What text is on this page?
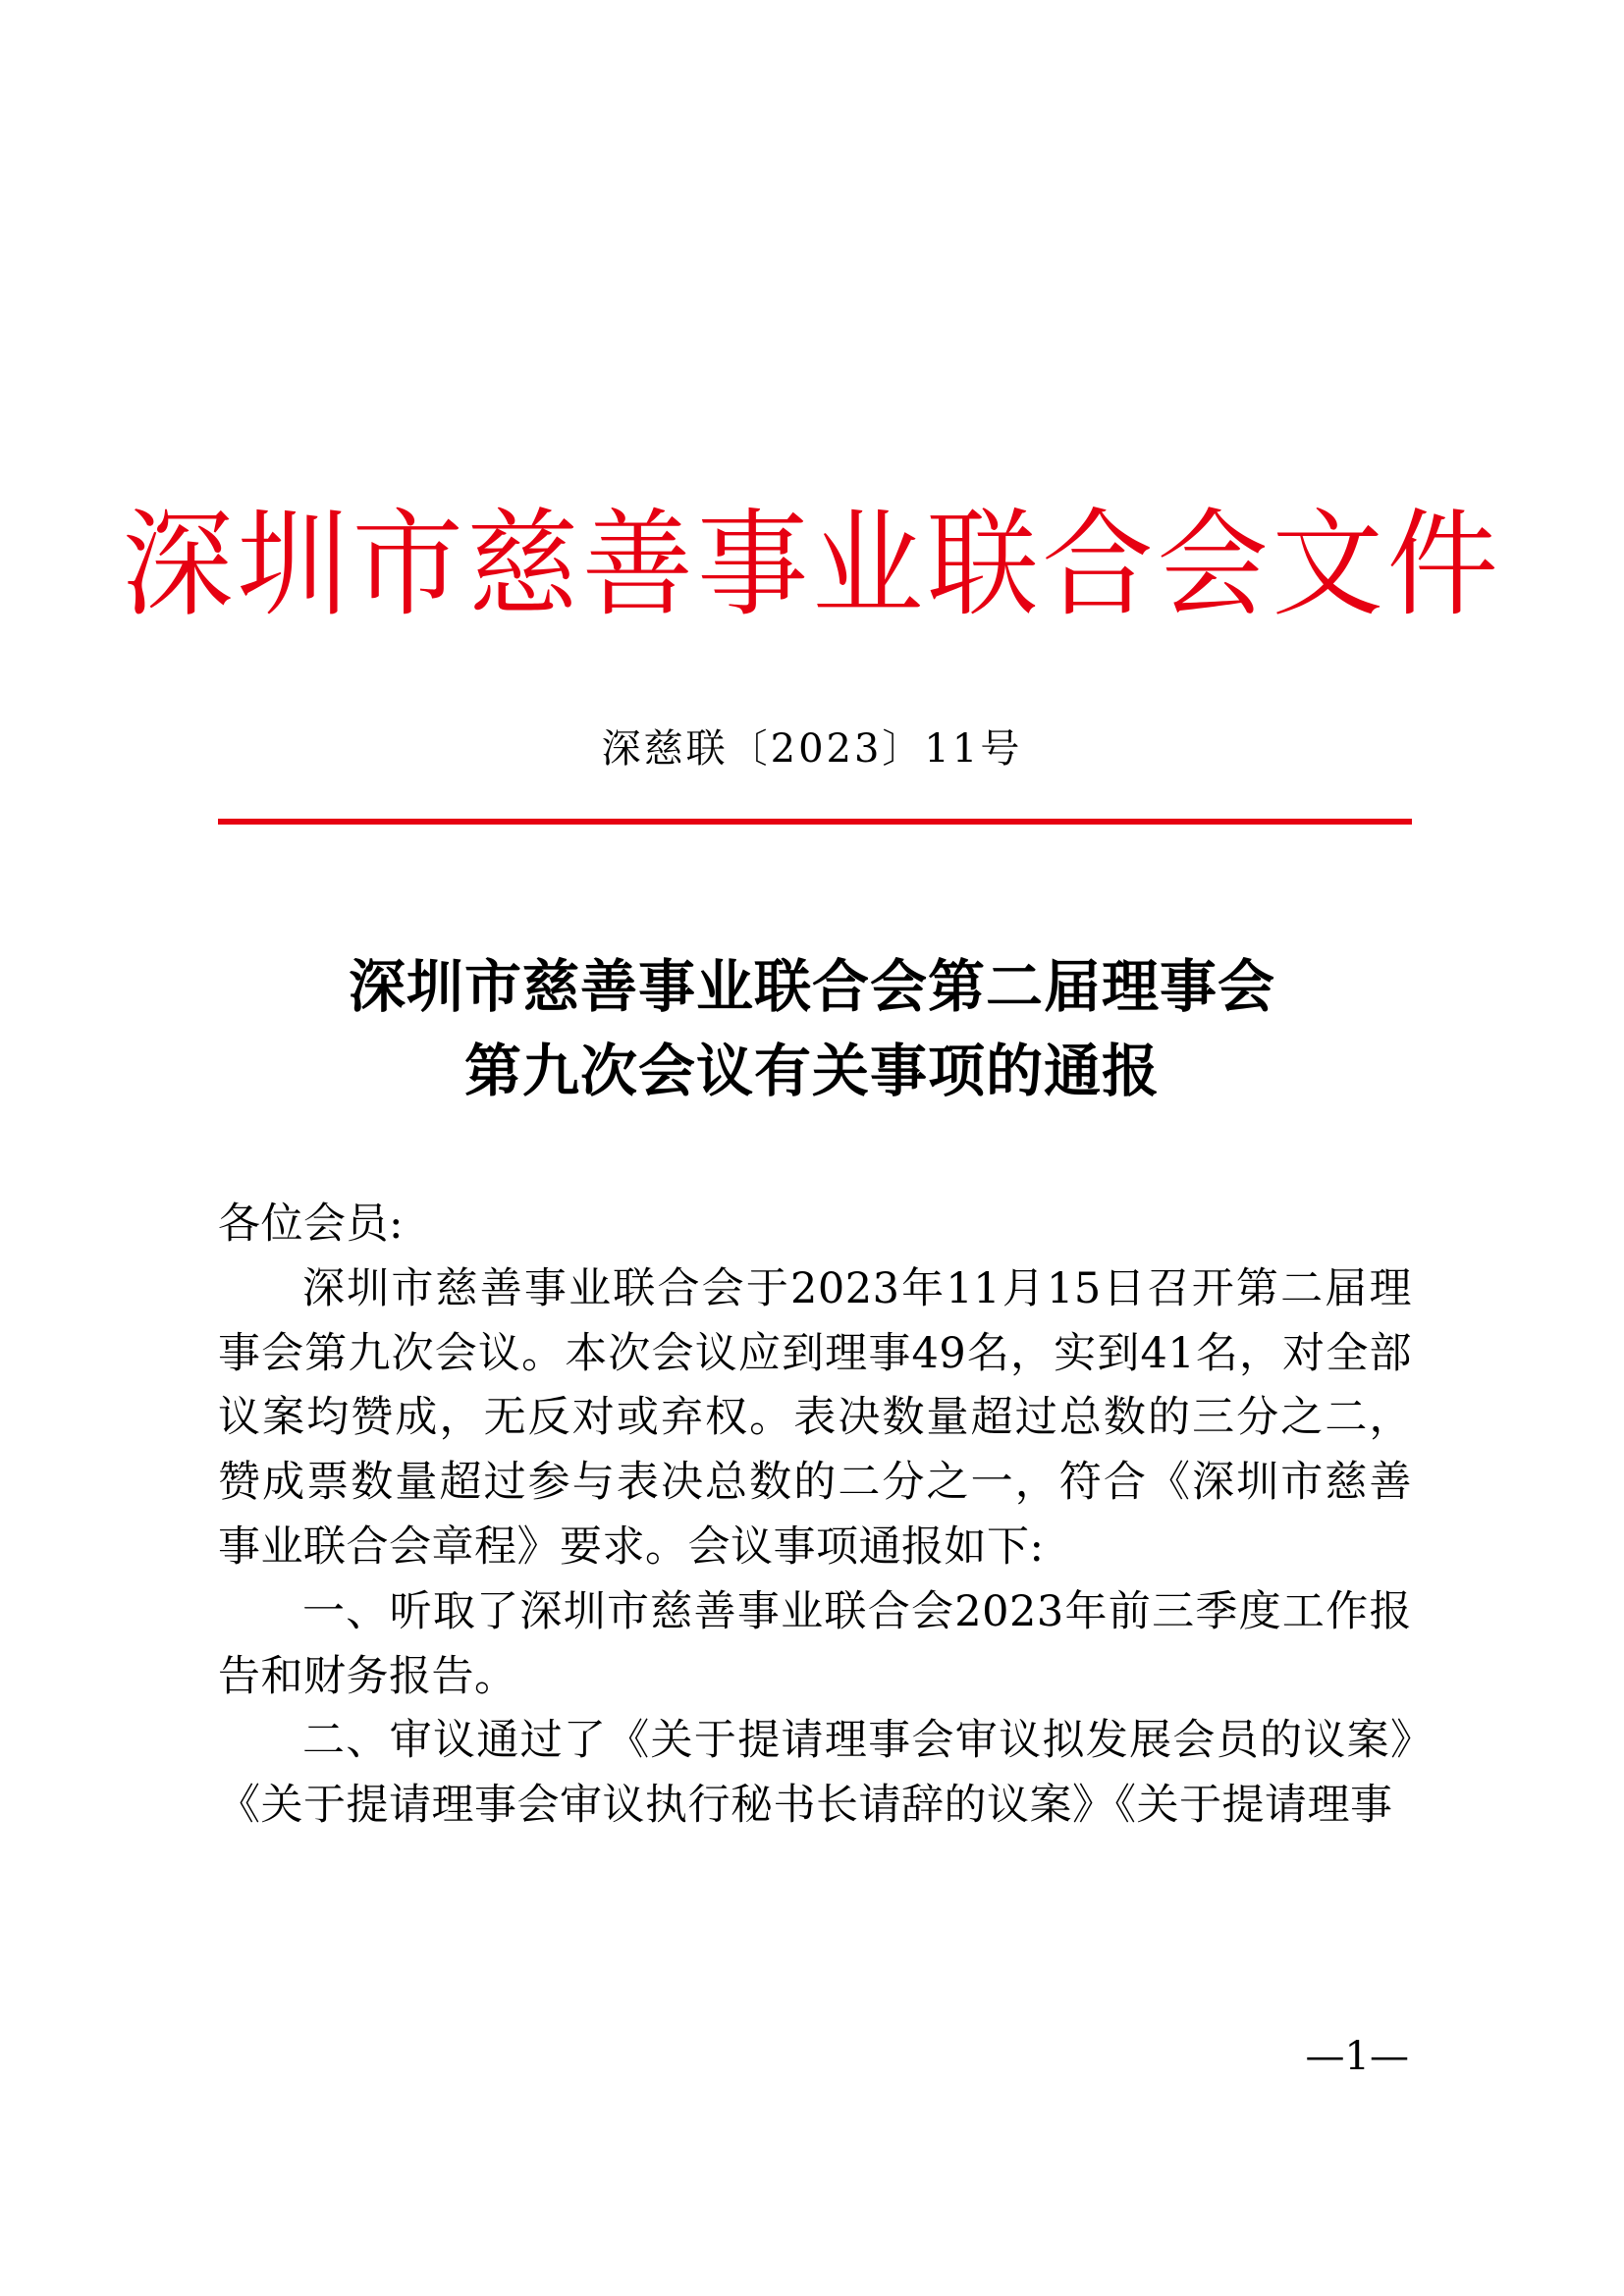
深圳市慈善事业联合会文件
深慈联〔2023〕11号
深圳市慈善事业联合会第二届理事会
第九次会议有关事项的通报

各位会员:

深圳市慈善事业联合会于2023年11月15日召开第二届理事会第九次会议。本次会议应到理事49名，实到41名，对全部议案均赞成，无反对或弃权。表决数量超过总数的三分之二，赞成票数量超过参与表决总数的二分之一，符合《深圳市慈善事业联合会章程》要求。会议事项通报如下:

一、听取了深圳市慈善事业联合会2023年前三季度工作报告和财务报告。

二、审议通过了《关于提请理事会审议拟发展会员的议案》《关于提请理事会审议执行秘书长请辞的议案》《关于提请理事

—1—
